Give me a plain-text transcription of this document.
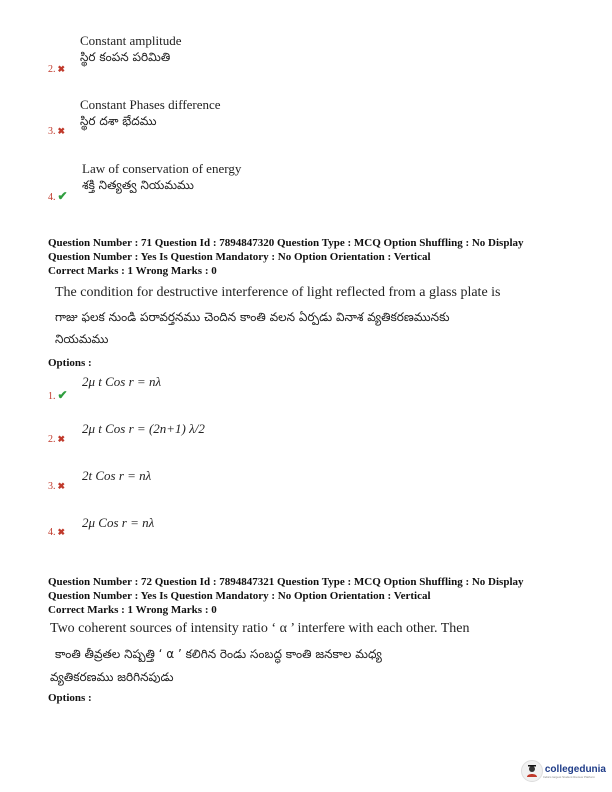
Constant amplitude
స్థిర కంపన పరిమితి
2. ✖
Constant Phases difference
స్థిర దశా భేదము
3. ✖
Law of conservation of energy
శక్తి నిత్యత్వ నియమము
4. ✔
Question Number : 71 Question Id : 7894847320 Question Type : MCQ Option Shuffling : No Display
Question Number : Yes Is Question Mandatory : No Option Orientation : Vertical
Correct Marks : 1 Wrong Marks : 0
The condition for destructive interference of light reflected from a glass plate is
గాజు ఫలక నుండి పరావర్తనము చెందిన కాంతి వలన ఏర్పడు వినాశ వ్యతికరణమునకు
నియమము
Options :
2μ t Cos r = nλ
1. ✔
2μ t Cos r = (2n+1) λ/2
2. ✖
2t Cos r = nλ
3. ✖
2μ Cos r = nλ
4. ✖
Question Number : 72 Question Id : 7894847321 Question Type : MCQ Option Shuffling : No Display
Question Number : Yes Is Question Mandatory : No Option Orientation : Vertical
Correct Marks : 1 Wrong Marks : 0
Two coherent sources of intensity ratio ‘ α ’ interfere with each other. Then
కాంతి తీవ్రతల నిష్పత్తి ‘ α ’ కలిగిన రెండు సంబద్ధ కాంతి జనకాల మధ్య
వ్యతికరణము జరిగినపుడు
Options :
collegedunia
India's largest Student Review Platform
